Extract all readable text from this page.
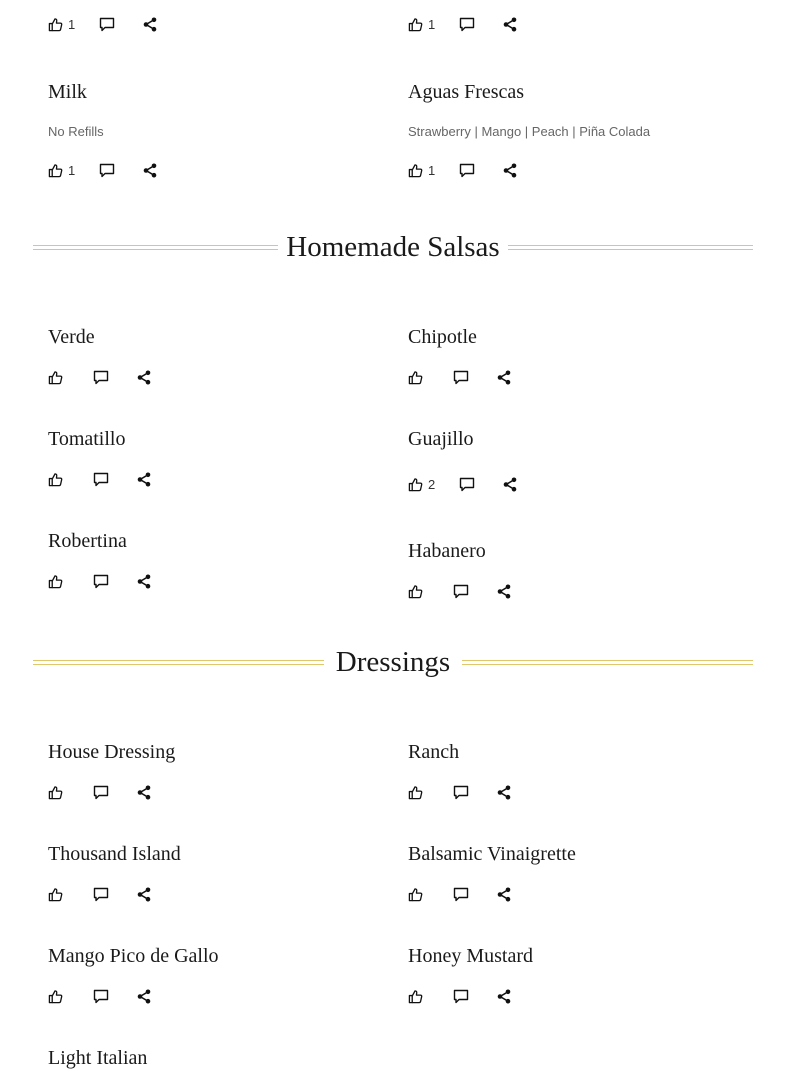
1	1
Milk
No Refills
1
Aguas Frescas
Strawberry | Mango | Peach | Piña Colada
1
Homemade Salsas
Verde	Chipotle
Tomatillo	Guajillo
2
Robertina	Habanero
Dressings
House Dressing	Ranch
Thousand Island	Balsamic Vinaigrette
Mango Pico de Gallo	Honey Mustard
Light Italian
